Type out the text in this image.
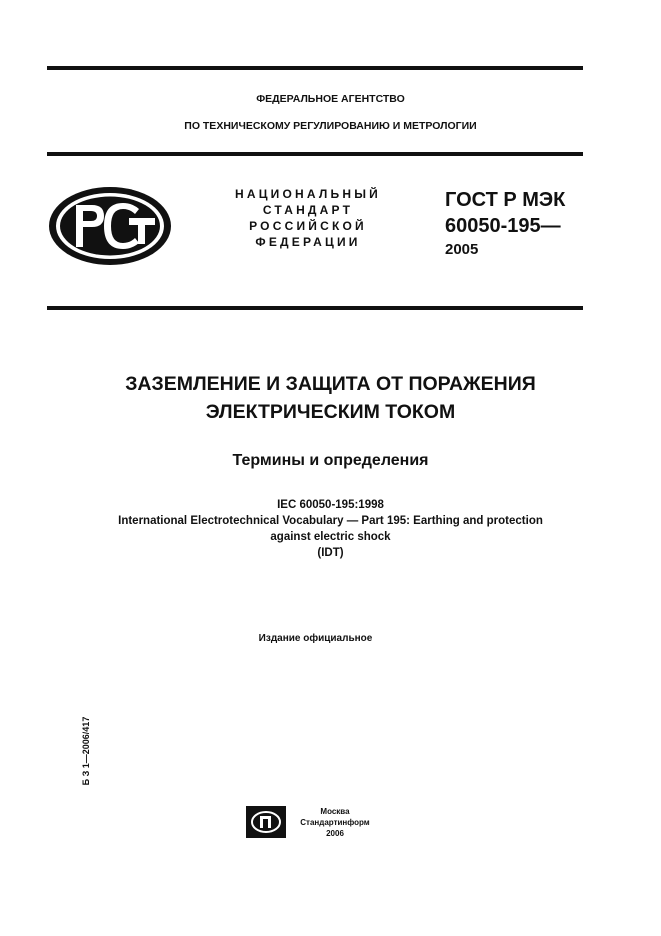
ФЕДЕРАЛЬНОЕ АГЕНТСТВО
ПО ТЕХНИЧЕСКОМУ РЕГУЛИРОВАНИЮ И МЕТРОЛОГИИ
НАЦИОНАЛЬНЫЙ
СТАНДАРТ
РОССИЙСКОЙ
ФЕДЕРАЦИИ
ГОСТ Р МЭК
60050-195—
2005
ЗАЗЕМЛЕНИЕ И ЗАЩИТА ОТ ПОРАЖЕНИЯ
ЭЛЕКТРИЧЕСКИМ ТОКОМ
Термины и определения
IEC 60050-195:1998
International Electrotechnical Vocabulary — Part 195: Earthing and protection
against electric shock
(IDT)
Издание официальное
Б З 1—2006/417
Москва
Стандартинформ
2006
